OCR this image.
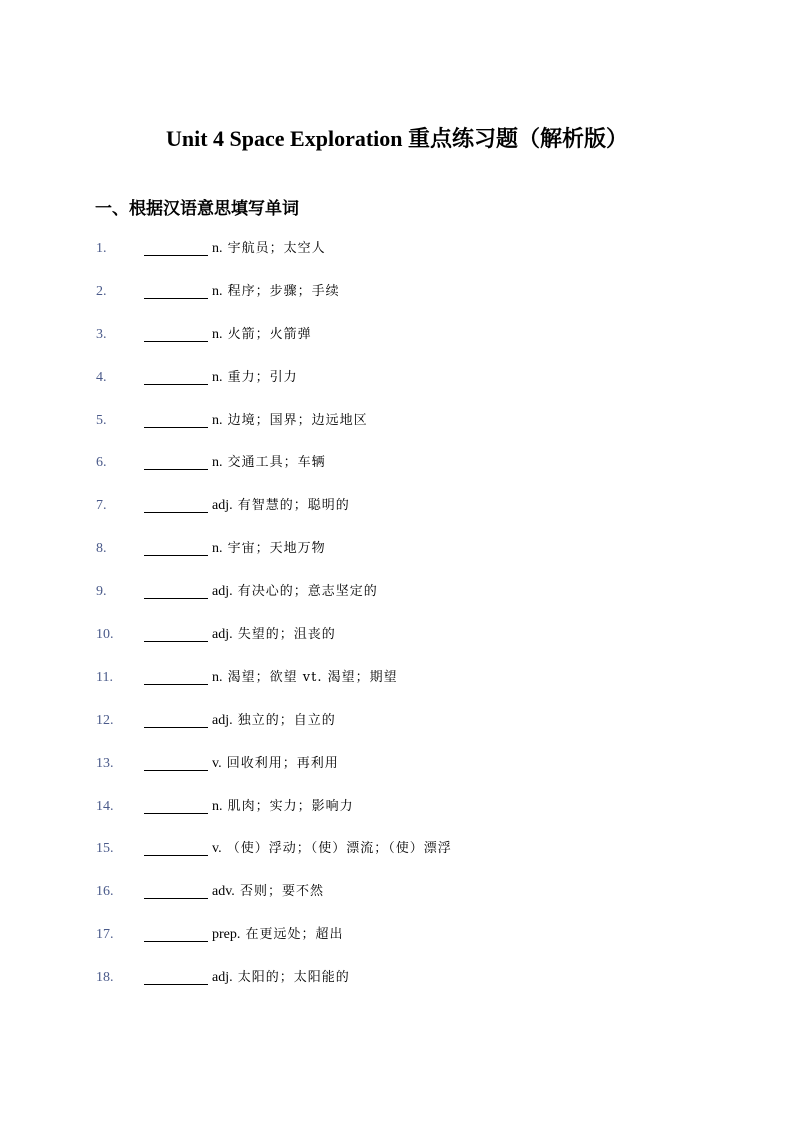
Unit 4 Space Exploration 重点练习题（解析版）
一、根据汉语意思填写单词
1.	n. 宇航员；太空人
2.	n. 程序；步骤；手续
3.	n. 火箭；火箭弹
4.	n. 重力；引力
5.	n. 边境；国界；边远地区
6.	n. 交通工具；车辆
7.	adj. 有智慧的；聪明的
8.	n. 宇宙；天地万物
9.	adj. 有决心的；意志坚定的
10.	adj. 失望的；沮丧的
11.	n. 渴望；欲望 vt. 渴望；期望
12.	adj. 独立的；自立的
13.	v. 回收利用；再利用
14.	n. 肌肉；实力；影响力
15.	v. （使）浮动；（使）漂流；（使）漂浮
16.	adv. 否则；要不然
17.	prep. 在更远处；超出
18.	adj. 太阳的；太阳能的
